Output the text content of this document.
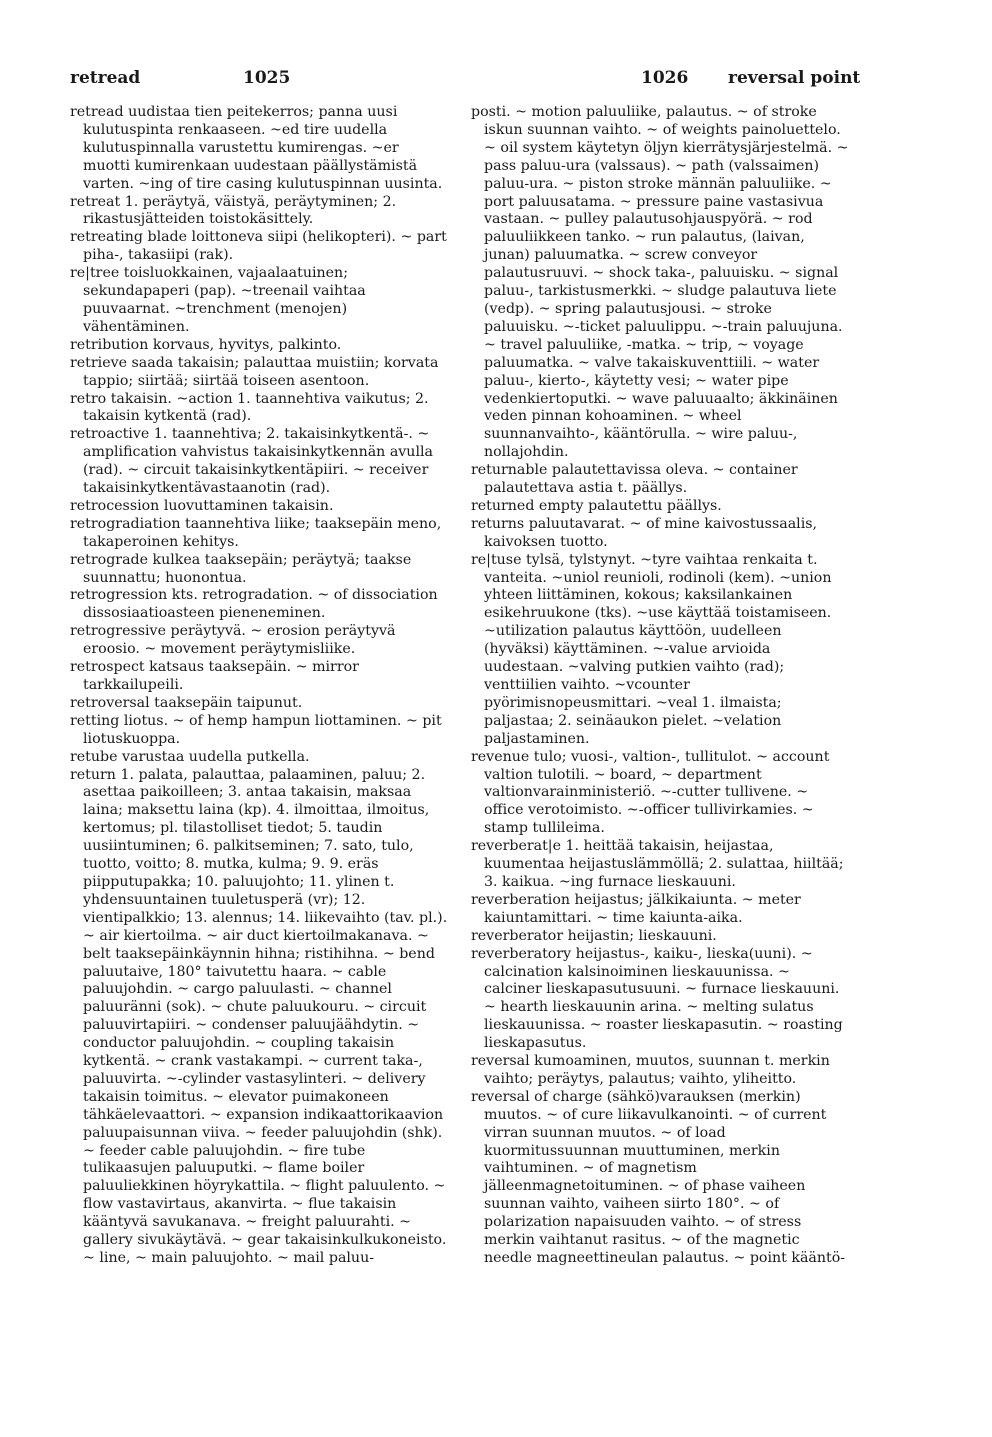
retread	1025	1026 reversal point

retread uudistaa tien peitekerros; panna uusi kulutuspinta renkaaseen. ~ed tire uudella kulutuspinnalla varustettu kumirengas. ~er muotti kumirenkaan uudestaan päällystämistä varten. ~ing of tire casing kulutuspinnan uusinta.

retreat 1. peräytyä, väistyä, peräytyminen; 2. rikastusjätteiden toistokäsittely.

retreating blade loittoneva siipi (helikopteri). ~ part piha-, takasiipi (rak).

re|tree toisluokkainen, vajaalaatuinen; sekundapaperi (pap). ~treenail vaihtaa puuvaarnat. ~trenchment (menojen) vähentäminen.

retribution korvaus, hyvitys, palkinto.

retrieve saada takaisin; palauttaa muistiin; korvata tappio; siirtää; siirtää toiseen asentoon.

retro takaisin. ~action 1. taannehtiva vaikutus; 2. takaisin kytkentä (rad).

retroactive 1. taannehtiva; 2. takaisinkytkentä-. ~ amplification vahvistus takaisinkytkennän avulla (rad). ~ circuit takaisinkytkentäpiiri. ~ receiver takaisinkytkentävastaanotin (rad).

retrocession luovuttaminen takaisin.

retrogradiation taannehtiva liike; taaksepäin meno, takaperoinen kehitys.

retrograde kulkea taaksepäin; peräytyä; taakse suunnattu; huonontua.

retrogression kts. retrogradation. ~ of dissociation dissosiaatioasteen pieneneminen.

retrogressive peräytyvä. ~ erosion peräytyvä eroosio. ~ movement peräytymisliike.

retrospect katsaus taaksepäin. ~ mirror tarkkailupeili.

retroversal taaksepäin taipunut.

retting liotus. ~ of hemp hampun liottaminen. ~ pit liotuskuoppa.

retube varustaa uudella putkella.

return 1. palata, palauttaa, palaaminen, paluu; 2. asettaa paikoilleen; 3. antaa takaisin, maksaa laina; maksettu laina (kp). 4. ilmoittaa, ilmoitus, kertomus; pl. tilastolliset tiedot; 5. taudin uusiintuminen; 6. palkitseminen; 7. sato, tulo, tuotto, voitto; 8. mutka, kulma; 9. 9. eräs piipputupakka; 10. paluujohto; 11. ylinen t. yhdensuuntainen tuuletusperä (vr); 12. vientipalkkio; 13. alennus; 14. liikevaihto (tav. pl.). ~ air kiertoilma. ~ air duct kiertoilmakanava. ~ belt taaksepäinkäynnin hihna; ristihihna. ~ bend paluutaive, 180° taivutettu haara. ~ cable paluujohdin. ~ cargo paluulasti. ~ channel paluuränni (sok). ~ chute paluukouru. ~ circuit paluuvirtapiiri. ~ condenser paluujäähdytin. ~ conductor paluujohdin. ~ coupling takaisin kytkentä. ~ crank vastakampi. ~ current taka-, paluuvirta. ~-cylinder vastasylinteri. ~ delivery takaisin toimitus. ~ elevator puimakoneen tähkäelevaattori. ~ expansion indikaattorikaavion paluupaisunnan viiva. ~ feeder paluujohdin (shk). ~ feeder cable paluujohdin. ~ fire tube tulikaasujen paluuputki. ~ flame boiler paluuliekkinen höyrykattila. ~ flight paluulento. ~ flow vastavirtaus, akanvirta. ~ flue takaisin kääntyvä savukanava. ~ freight paluurahti. ~ gallery sivukäytävä. ~ gear takaisinkulkukoneisto. ~ line, ~ main paluujohto. ~ mail paluu-

posti. ~ motion paluuliike, palautus. ~ of stroke iskun suunnan vaihto. ~ of weights painoluettelo. ~ oil system käytetyn öljyn kierrätysjärjestelmä. ~ pass paluu-ura (valssaus). ~ path (valssaimen) paluu-ura. ~ piston stroke männän paluuliike. ~ port paluusatama. ~ pressure paine vastasivua vastaan. ~ pulley palautusohjauspyörä. ~ rod paluuliikkeen tanko. ~ run palautus, (laivan, junan) paluumatka. ~ screw conveyor palautusruuvi. ~ shock taka-, paluuisku. ~ signal paluu-, tarkistusmerkki. ~ sludge palautuva liete (vedp). ~ spring palautusjousi. ~ stroke paluuisku. ~-ticket paluulippu. ~-train paluujuna. ~ travel paluuliike, -matka. ~ trip, ~ voyage paluumatka. ~ valve takaiskuventtiili. ~ water paluu-, kierto-, käytetty vesi; ~ water pipe vedenkiertoputki. ~ wave paluuaalto; äkkinäinen veden pinnan kohoaminen. ~ wheel suunnanvaihto-, kääntörulla. ~ wire paluu-, nollajohdin.

returnable palautettavissa oleva. ~ container palautettava astia t. päällys.

returned empty palautettu päällys.

returns paluutavarat. ~ of mine kaivostussaalis, kaivoksen tuotto.

re|tuse tylsä, tylstynyt. ~tyre vaihtaa renkaita t. vanteita. ~uniol reunioli, rodinoli (kem). ~union yhteen liittäminen, kokous; kaksilankainen esikehruukone (tks). ~use käyttää toistamiseen. ~utilization palautus käyttöön, uudelleen (hyväksi) käyttäminen. ~-value arvioida uudestaan. ~valving putkien vaihto (rad); venttiilien vaihto. ~vcounter pyörimisnopeusmittari. ~veal 1. ilmaista; paljastaa; 2. seinäaukon pielet. ~velation paljastaminen.

revenue tulo; vuosi-, valtion-, tullitulot. ~ account valtion tulotili. ~ board, ~ department valtionvarainministeriö. ~-cutter tullivene. ~ office verotoimisto. ~-officer tullivirkamies. ~ stamp tullileima.

reverberat|e 1. heittää takaisin, heijastaa, kuumentaa heijastuslämmöllä; 2. sulattaa, hiiltää; 3. kaikua. ~ing furnace lieskauuni.

reverberation heijastus; jälkikaiunta. ~ meter kaiuntamittari. ~ time kaiunta-aika.

reverberator heijastin; lieskauuni.

reverberatory heijastus-, kaiku-, lieska(uuni). ~ calcination kalsinoiminen lieskauunissa. ~ calciner lieskapasutusuuni. ~ furnace lieskauuni. ~ hearth lieskauunin arina. ~ melting sulatus lieskauunissa. ~ roaster lieskapasutin. ~ roasting lieskapasutus.

reversal kumoaminen, muutos, suunnan t. merkin vaihto; peräytys, palautus; vaihto, yliheitto.

reversal of charge (sähkö)varauksen (merkin) muutos. ~ of cure liikavulkanointi. ~ of current virran suunnan muutos. ~ of load kuormitussuunnan muuttuminen, merkin vaihtuminen. ~ of magnetism jälleenmagnetoituminen. ~ of phase vaiheen suunnan vaihto, vaiheen siirto 180°. ~ of polarization napaisuuden vaihto. ~ of stress merkin vaihtanut rasitus. ~ of the magnetic needle magneettineulan palautus. ~ point kääntö-
